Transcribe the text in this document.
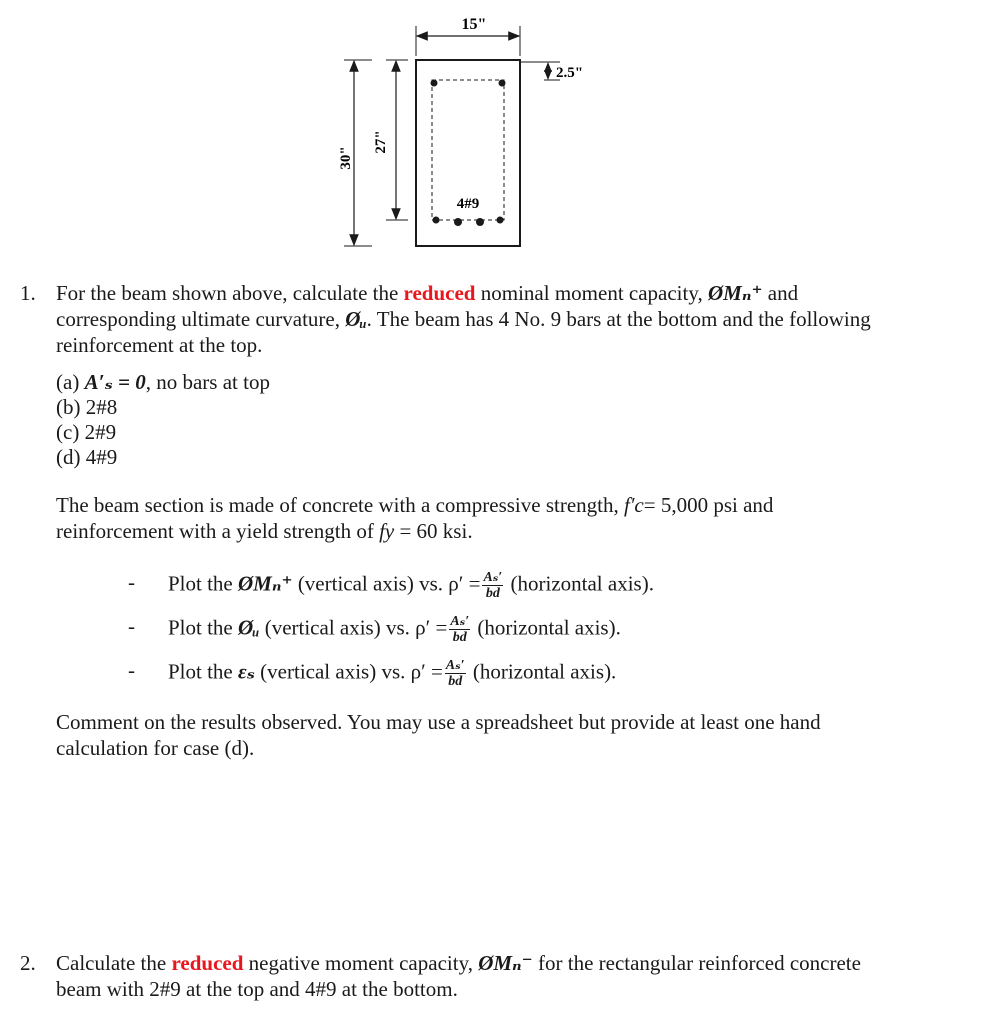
15"
4#9
2.5"
30"
27"
1. For the beam shown above, calculate the reduced nominal moment capacity, ØMₙ⁺ and
corresponding ultimate curvature, Øᵤ. The beam has 4 No. 9 bars at the bottom and the following
reinforcement at the top.
(a) A′ₛ = 0, no bars at top
(b) 2#8
(c) 2#9
(d) 4#9
The beam section is made of concrete with a compressive strength, f′c= 5,000 psi and
reinforcement with a yield strength of fy = 60 ksi.
- Plot the ØMₙ⁺ (vertical axis) vs. $\rho' = \frac{\text{Aₛ′}}{bd}$ (horizontal axis).
- Plot the Øᵤ (vertical axis) vs. $\rho' = \frac{\text{Aₛ′}}{bd}$ (horizontal axis).
- Plot the εₛ (vertical axis) vs. $\rho' = \frac{\text{Aₛ′}}{bd}$ (horizontal axis).
Comment on the results observed. You may use a spreadsheet but provide at least one hand
calculation for case (d).
2. Calculate the reduced negative moment capacity, ØMₙ⁻ for the rectangular reinforced concrete
beam with 2#9 at the top and 4#9 at the bottom.
